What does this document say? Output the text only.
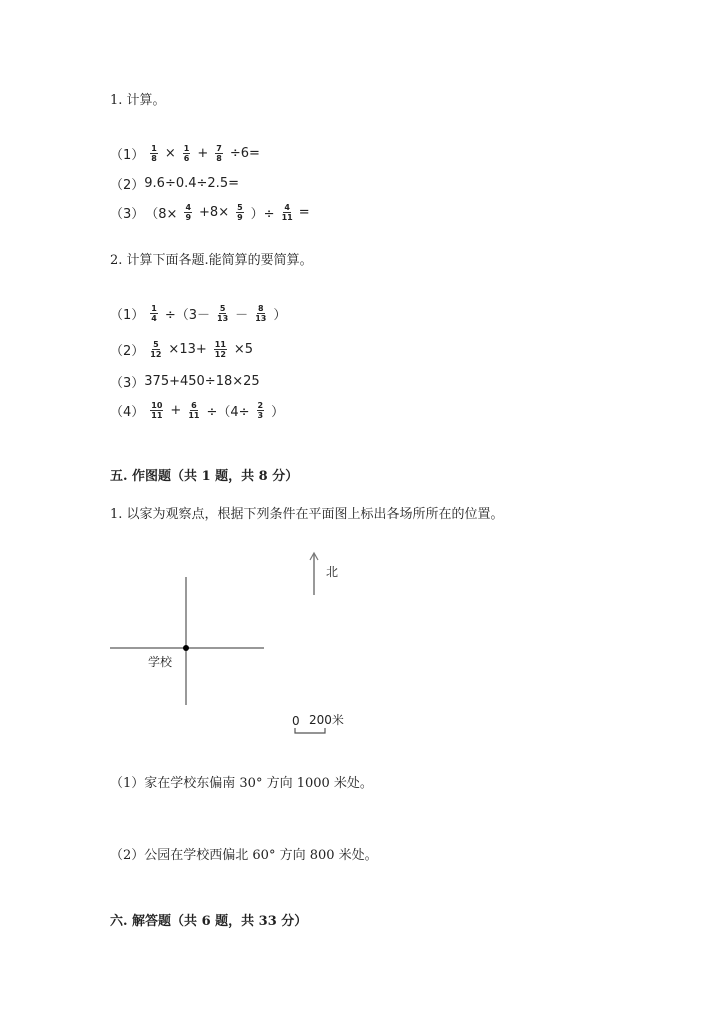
1. 计算。
$(1) \frac{1}{8} \times \frac{1}{6} + \frac{7}{8} \div 6=$
（2） 9.6÷0.4÷2.5=
（3） （$8\times \frac{4}{9} +8\times \frac{5}{9}$ ）÷ $\frac{4}{11}$ =
2. 计算下面各题.能简算的要简算。
$(1) \frac{1}{4} \div(3- \frac{5}{13} - \frac{8}{13}$ ）
$(2) \frac{5}{12} \times 13+ \frac{11}{12} \times 5$
（3） 375+450÷18×25
$(4) \frac{10}{11} + \frac{6}{11} \div(4\div \frac{2}{3}$ ）
五. 作图题（共 1 题，共 8 分）
1. 以家为观察点，根据下列条件在平面图上标出各场所所在的位置。
学校
北
0 200米
（1）家在学校东偏南 30° 方向 1000 米处。
（2）公园在学校西偏北 60° 方向 800 米处。
六. 解答题（共 6 题，共 33 分）
